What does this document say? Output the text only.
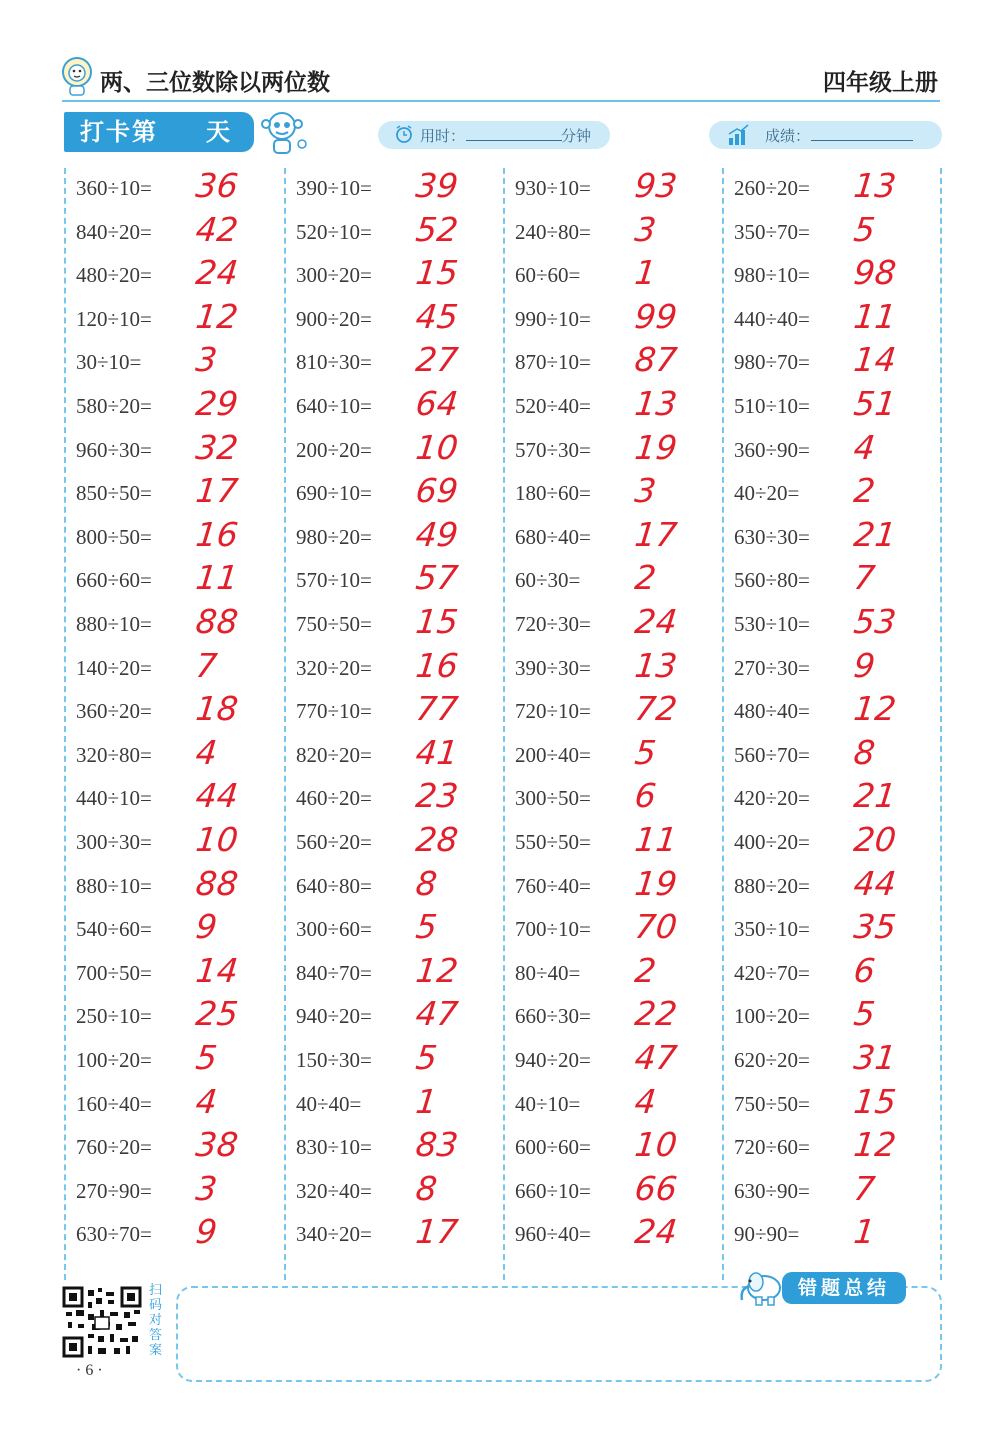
两、三位数除以两位数	四年级上册
打卡第 天	用时：	分钟	成绩：
360÷10= 36
840÷20= 42
480÷20= 24
120÷10= 12
30÷10= 3
580÷20= 29
960÷30= 32
850÷50= 17
800÷50= 16
660÷60= 11
880÷10= 88
140÷20= 7
360÷20= 18
320÷80= 4
440÷10= 44
300÷30= 10
880÷10= 88
540÷60= 9
700÷50= 14
250÷10= 25
100÷20= 5
160÷40= 4
760÷20= 38
270÷90= 3
630÷70= 9
390÷10= 39
520÷10= 52
300÷20= 15
900÷20= 45
810÷30= 27
640÷10= 64
200÷20= 10
690÷10= 69
980÷20= 49
570÷10= 57
750÷50= 15
320÷20= 16
770÷10= 77
820÷20= 41
460÷20= 23
560÷20= 28
640÷80= 8
300÷60= 5
840÷70= 12
940÷20= 47
150÷30= 5
40÷40= 1
830÷10= 83
320÷40= 8
340÷20= 17
930÷10= 93
240÷80= 3
60÷60= 1
990÷10= 99
870÷10= 87
520÷40= 13
570÷30= 19
180÷60= 3
680÷40= 17
60÷30= 2
720÷30= 24
390÷30= 13
720÷10= 72
200÷40= 5
300÷50= 6
550÷50= 11
760÷40= 19
700÷10= 70
80÷40= 2
660÷30= 22
940÷20= 47
40÷10= 4
600÷60= 10
660÷10= 66
960÷40= 24
260÷20= 13
350÷70= 5
980÷10= 98
440÷40= 11
980÷70= 14
510÷10= 51
360÷90= 4
40÷20= 2
630÷30= 21
560÷80= 7
530÷10= 53
270÷30= 9
480÷40= 12
560÷70= 8
420÷20= 21
400÷20= 20
880÷20= 44
350÷10= 35
420÷70= 6
100÷20= 5
620÷20= 31
750÷50= 15
720÷60= 12
630÷90= 7
90÷90= 1
扫码对答案
· 6 ·
错题总结
